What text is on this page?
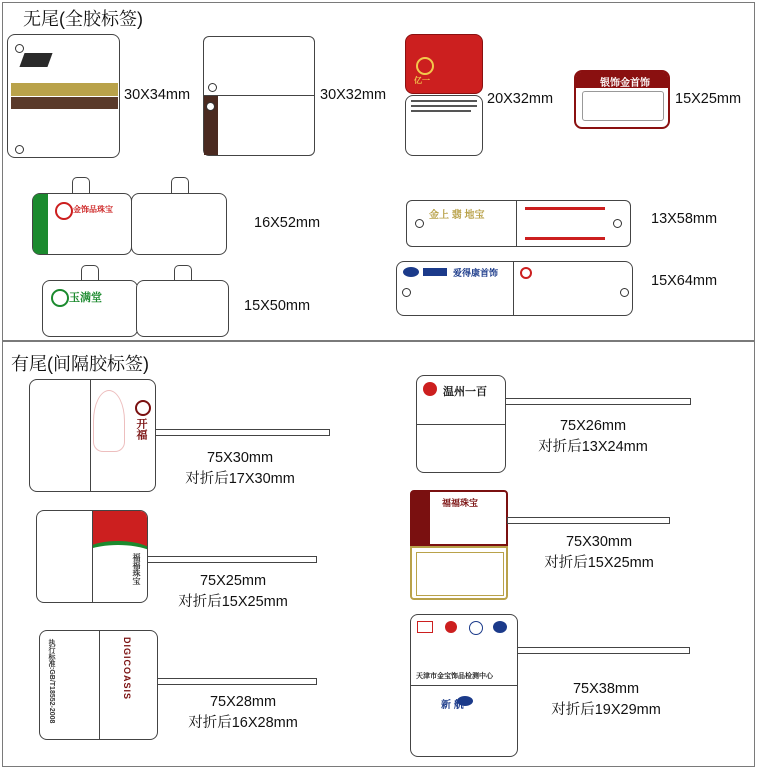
无尾(全胶标签)
30X34mm	30X32mm
亿一
20X32mm
银饰金首饰
15X25mm
金饰品珠宝
16X52mm	金上 翡 地宝	13X58mm
玉满堂	15X50mm
爱得康首饰	15X64mm
有尾(间隔胶标签)
开福
75X30mm
对折后17X30mm
福福珠宝	75X25mm
对折后15X25mm
执行标准:GB/T18552-2008	DIGICOASIS
75X28mm
对折后16X28mm
温州一百
75X26mm
对折后13X24mm
福福珠宝
75X30mm
对折后15X25mm
天津市金宝饰品检测中心
新 航
75X38mm
对折后19X29mm
